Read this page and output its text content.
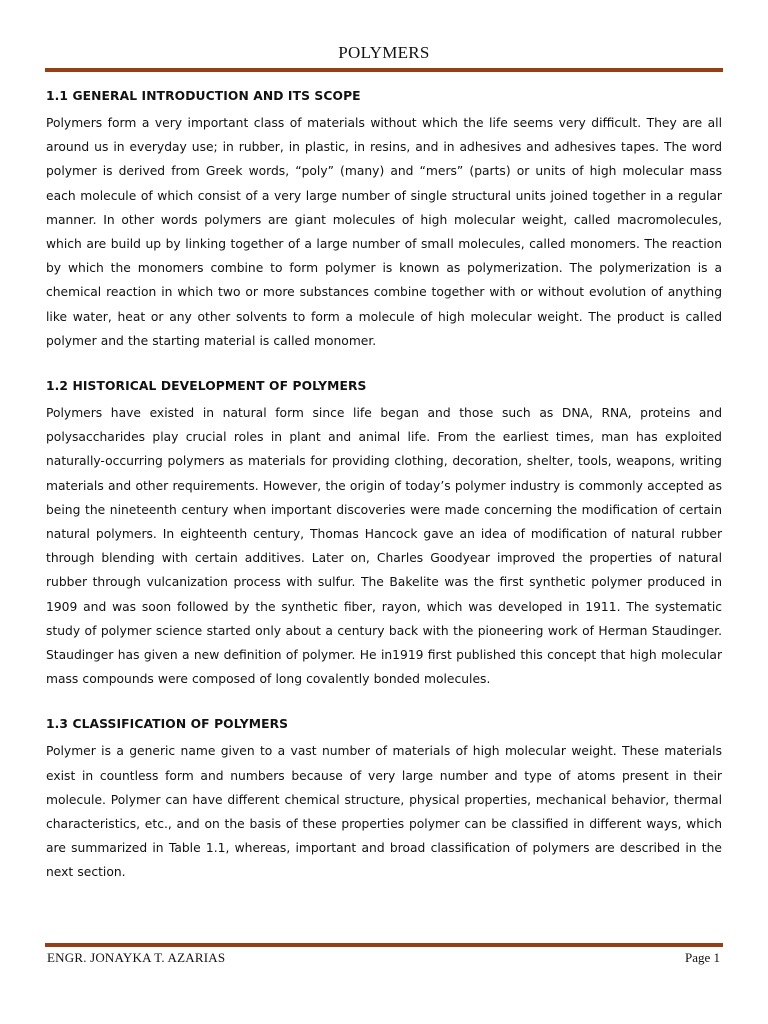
POLYMERS
1.1 GENERAL INTRODUCTION AND ITS SCOPE

Polymers form a very important class of materials without which the life seems very difficult. They are all around us in everyday use; in rubber, in plastic, in resins, and in adhesives and adhesives tapes. The word polymer is derived from Greek words, “poly” (many) and “mers” (parts) or units of high molecular mass each molecule of which consist of a very large number of single structural units joined together in a regular manner. In other words polymers are giant molecules of high molecular weight, called macromolecules, which are build up by linking together of a large number of small molecules, called monomers. The reaction by which the monomers combine to form polymer is known as polymerization. The polymerization is a chemical reaction in which two or more substances combine together with or without evolution of anything like water, heat or any other solvents to form a molecule of high molecular weight. The product is called polymer and the starting material is called monomer.

1.2 HISTORICAL DEVELOPMENT OF POLYMERS

Polymers have existed in natural form since life began and those such as DNA, RNA, proteins and polysaccharides play crucial roles in plant and animal life. From the earliest times, man has exploited naturally-occurring polymers as materials for providing clothing, decoration, shelter, tools, weapons, writing materials and other requirements. However, the origin of today’s polymer industry is commonly accepted as being the nineteenth century when important discoveries were made concerning the modification of certain natural polymers. In eighteenth century, Thomas Hancock gave an idea of modification of natural rubber through blending with certain additives. Later on, Charles Goodyear improved the properties of natural rubber through vulcanization process with sulfur. The Bakelite was the first synthetic polymer produced in 1909 and was soon followed by the synthetic fiber, rayon, which was developed in 1911. The systematic study of polymer science started only about a century back with the pioneering work of Herman Staudinger. Staudinger has given a new definition of polymer. He in1919 first published this concept that high molecular mass compounds were composed of long covalently bonded molecules.

1.3 CLASSIFICATION OF POLYMERS

Polymer is a generic name given to a vast number of materials of high molecular weight. These materials exist in countless form and numbers because of very large number and type of atoms present in their molecule. Polymer can have different chemical structure, physical properties, mechanical behavior, thermal characteristics, etc., and on the basis of these properties polymer can be classified in different ways, which are summarized in Table 1.1, whereas, important and broad classification of polymers are described in the next section.

ENGR. JONAYKA T. AZARIAS	Page 1
